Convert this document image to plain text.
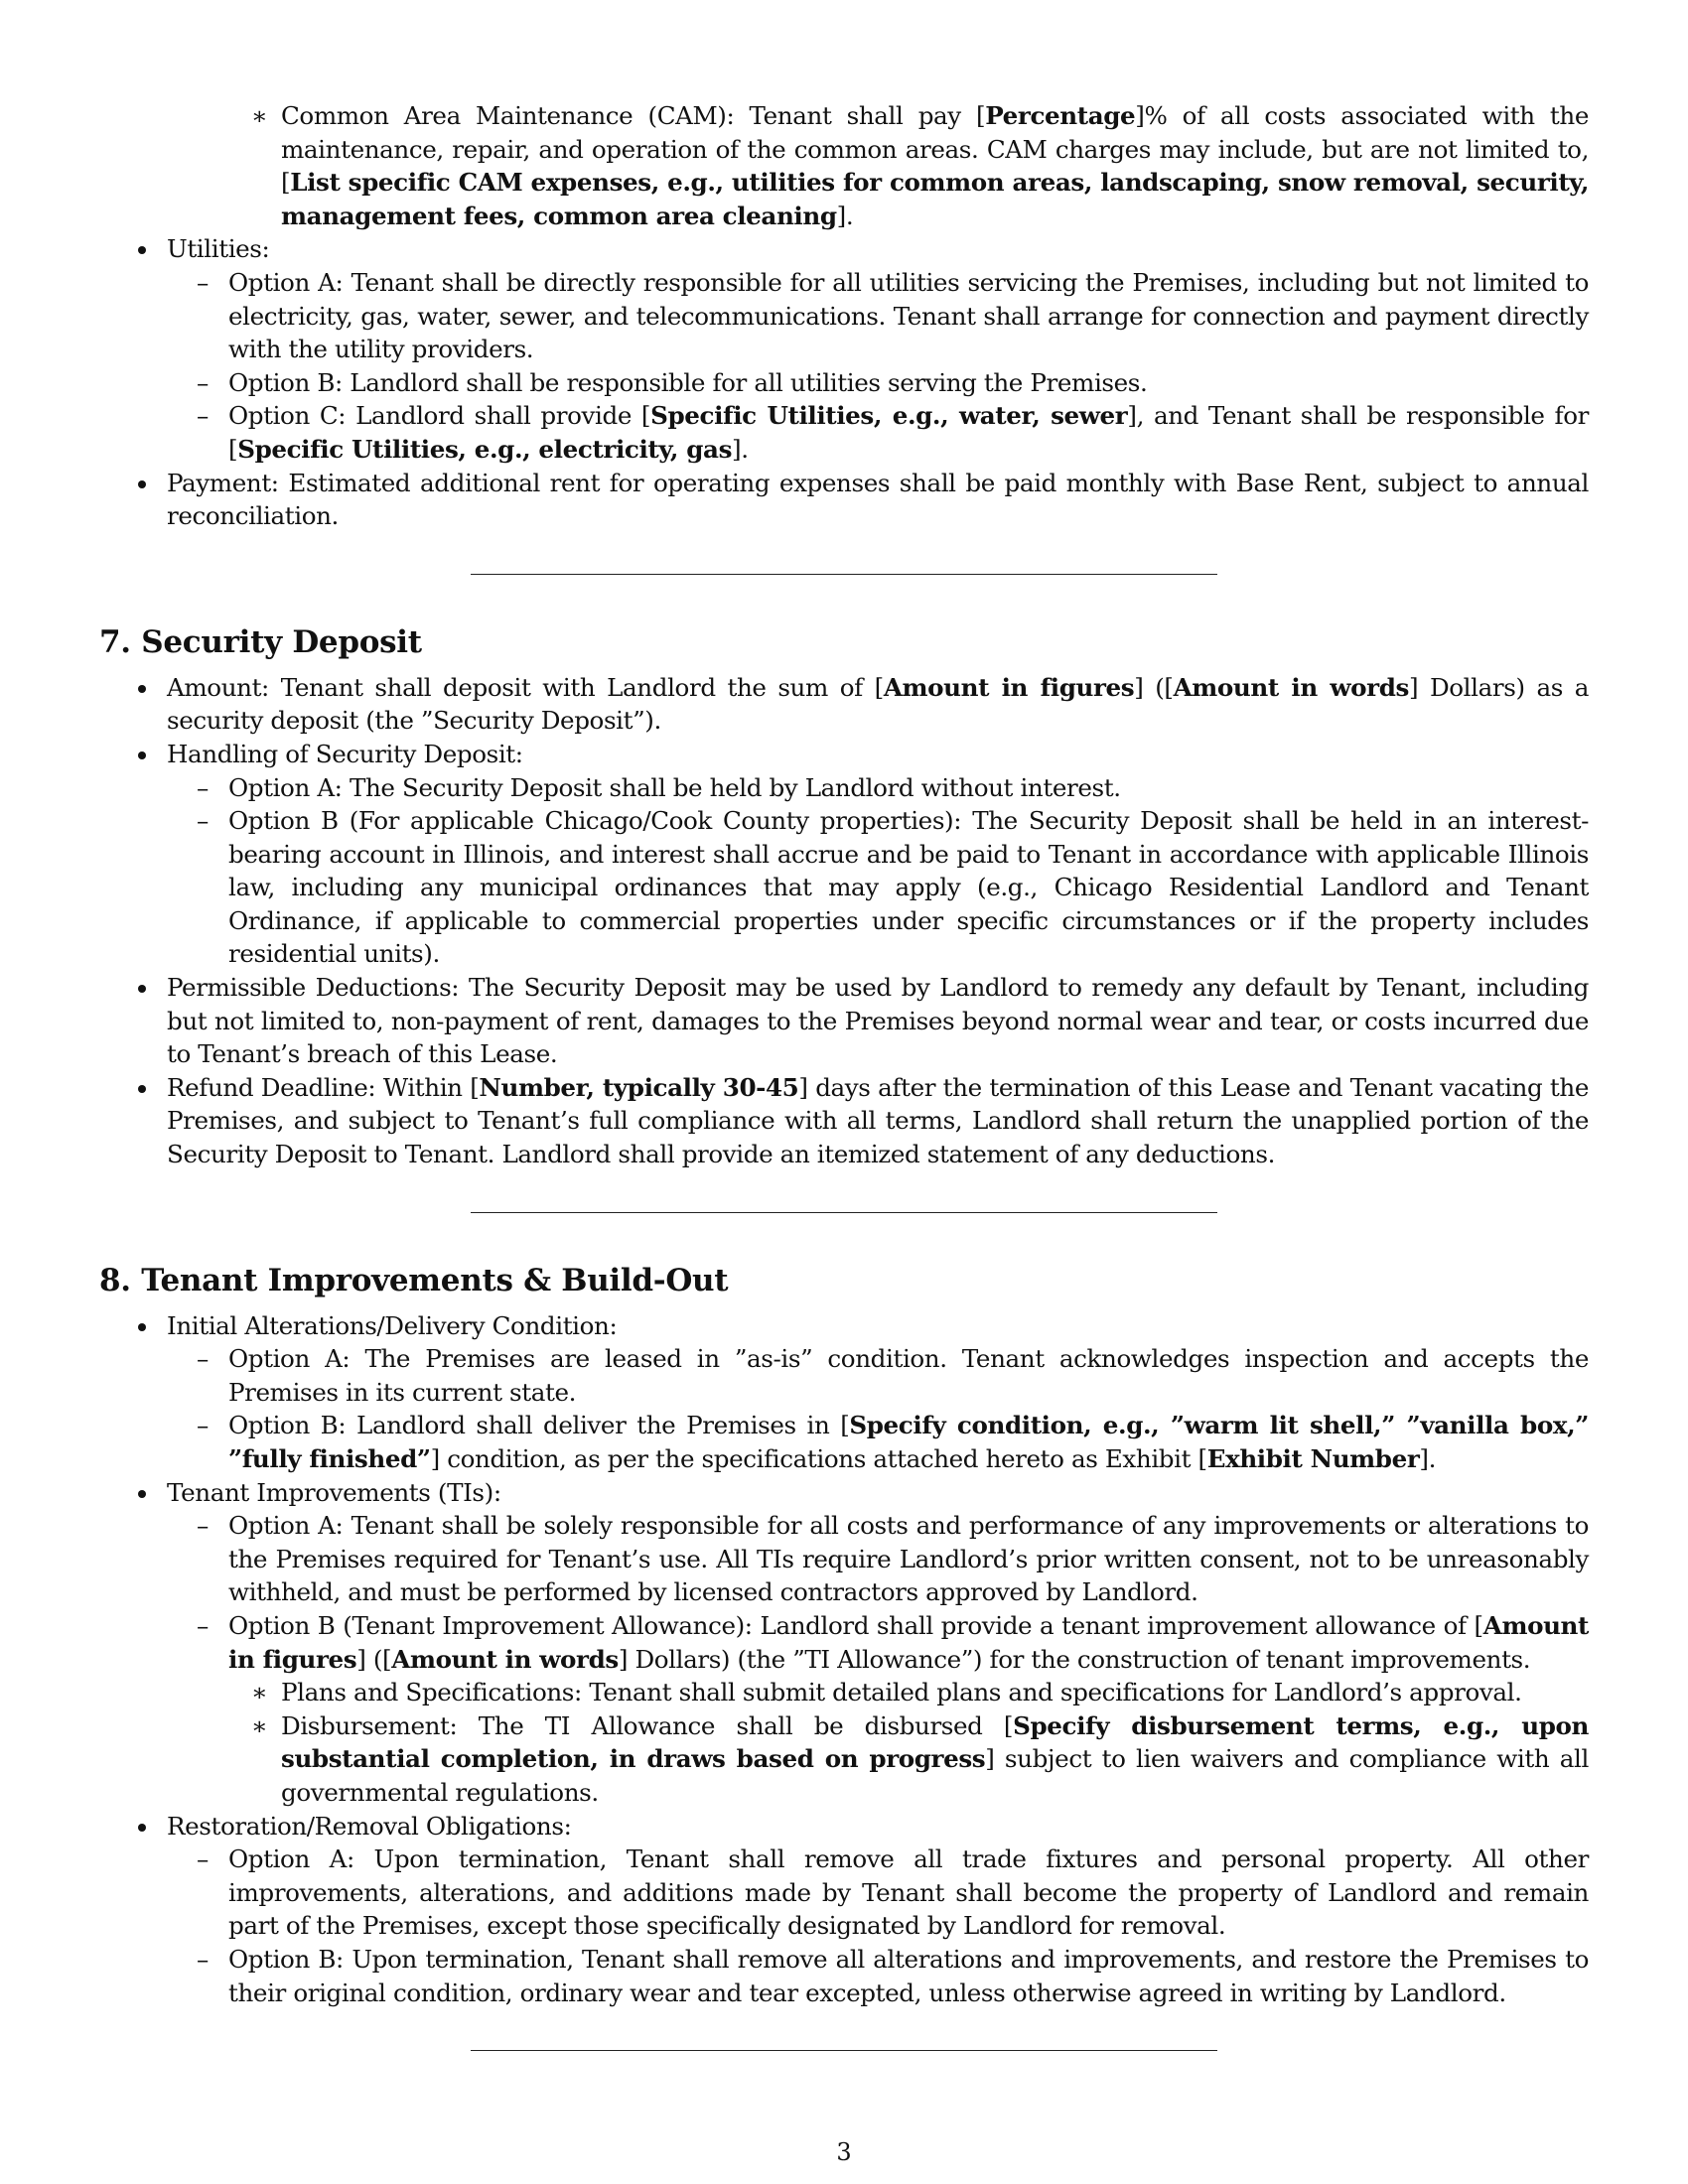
∗ Common Area Maintenance (CAM): Tenant shall pay [Percentage]% of all costs associated with the maintenance, repair, and operation of the common areas. CAM charges may include, but are not limited to, [List specific CAM expenses, e.g., utilities for common areas, landscaping, snow removal, security, management fees, common area cleaning].
Utilities:
– Option A: Tenant shall be directly responsible for all utilities servicing the Premises, including but not limited to electricity, gas, water, sewer, and telecommunications. Tenant shall arrange for connection and payment directly with the utility providers.
– Option B: Landlord shall be responsible for all utilities serving the Premises.
– Option C: Landlord shall provide [Specific Utilities, e.g., water, sewer], and Tenant shall be responsible for [Specific Utilities, e.g., electricity, gas].
Payment: Estimated additional rent for operating expenses shall be paid monthly with Base Rent, subject to annual reconciliation.
7. Security Deposit
Amount: Tenant shall deposit with Landlord the sum of [Amount in figures] ([Amount in words] Dollars) as a security deposit (the ”Security Deposit”).
Handling of Security Deposit:
– Option A: The Security Deposit shall be held by Landlord without interest.
– Option B (For applicable Chicago/Cook County properties): The Security Deposit shall be held in an interest-bearing account in Illinois, and interest shall accrue and be paid to Tenant in accordance with applicable Illinois law, including any municipal ordinances that may apply (e.g., Chicago Residential Landlord and Tenant Ordinance, if applicable to commercial properties under specific circumstances or if the property includes residential units).
Permissible Deductions: The Security Deposit may be used by Landlord to remedy any default by Tenant, including but not limited to, non-payment of rent, damages to the Premises beyond normal wear and tear, or costs incurred due to Tenant’s breach of this Lease.
Refund Deadline: Within [Number, typically 30-45] days after the termination of this Lease and Tenant vacating the Premises, and subject to Tenant’s full compliance with all terms, Landlord shall return the unapplied portion of the Security Deposit to Tenant. Landlord shall provide an itemized statement of any deductions.
8. Tenant Improvements & Build-Out
Initial Alterations/Delivery Condition:
– Option A: The Premises are leased in ”as-is” condition. Tenant acknowledges inspection and accepts the Premises in its current state.
– Option B: Landlord shall deliver the Premises in [Specify condition, e.g., ”warm lit shell,” ”vanilla box,” ”fully finished”] condition, as per the specifications attached hereto as Exhibit [Exhibit Number].
Tenant Improvements (TIs):
– Option A: Tenant shall be solely responsible for all costs and performance of any improvements or alterations to the Premises required for Tenant’s use. All TIs require Landlord’s prior written consent, not to be unreasonably withheld, and must be performed by licensed contractors approved by Landlord.
– Option B (Tenant Improvement Allowance): Landlord shall provide a tenant improvement allowance of [Amount in figures] ([Amount in words] Dollars) (the ”TI Allowance”) for the construction of tenant improvements.
∗ Plans and Specifications: Tenant shall submit detailed plans and specifications for Landlord’s approval.
∗ Disbursement: The TI Allowance shall be disbursed [Specify disbursement terms, e.g., upon substantial completion, in draws based on progress] subject to lien waivers and compliance with all governmental regulations.
Restoration/Removal Obligations:
– Option A: Upon termination, Tenant shall remove all trade fixtures and personal property. All other improvements, alterations, and additions made by Tenant shall become the property of Landlord and remain part of the Premises, except those specifically designated by Landlord for removal.
– Option B: Upon termination, Tenant shall remove all alterations and improvements, and restore the Premises to their original condition, ordinary wear and tear excepted, unless otherwise agreed in writing by Landlord.
3
